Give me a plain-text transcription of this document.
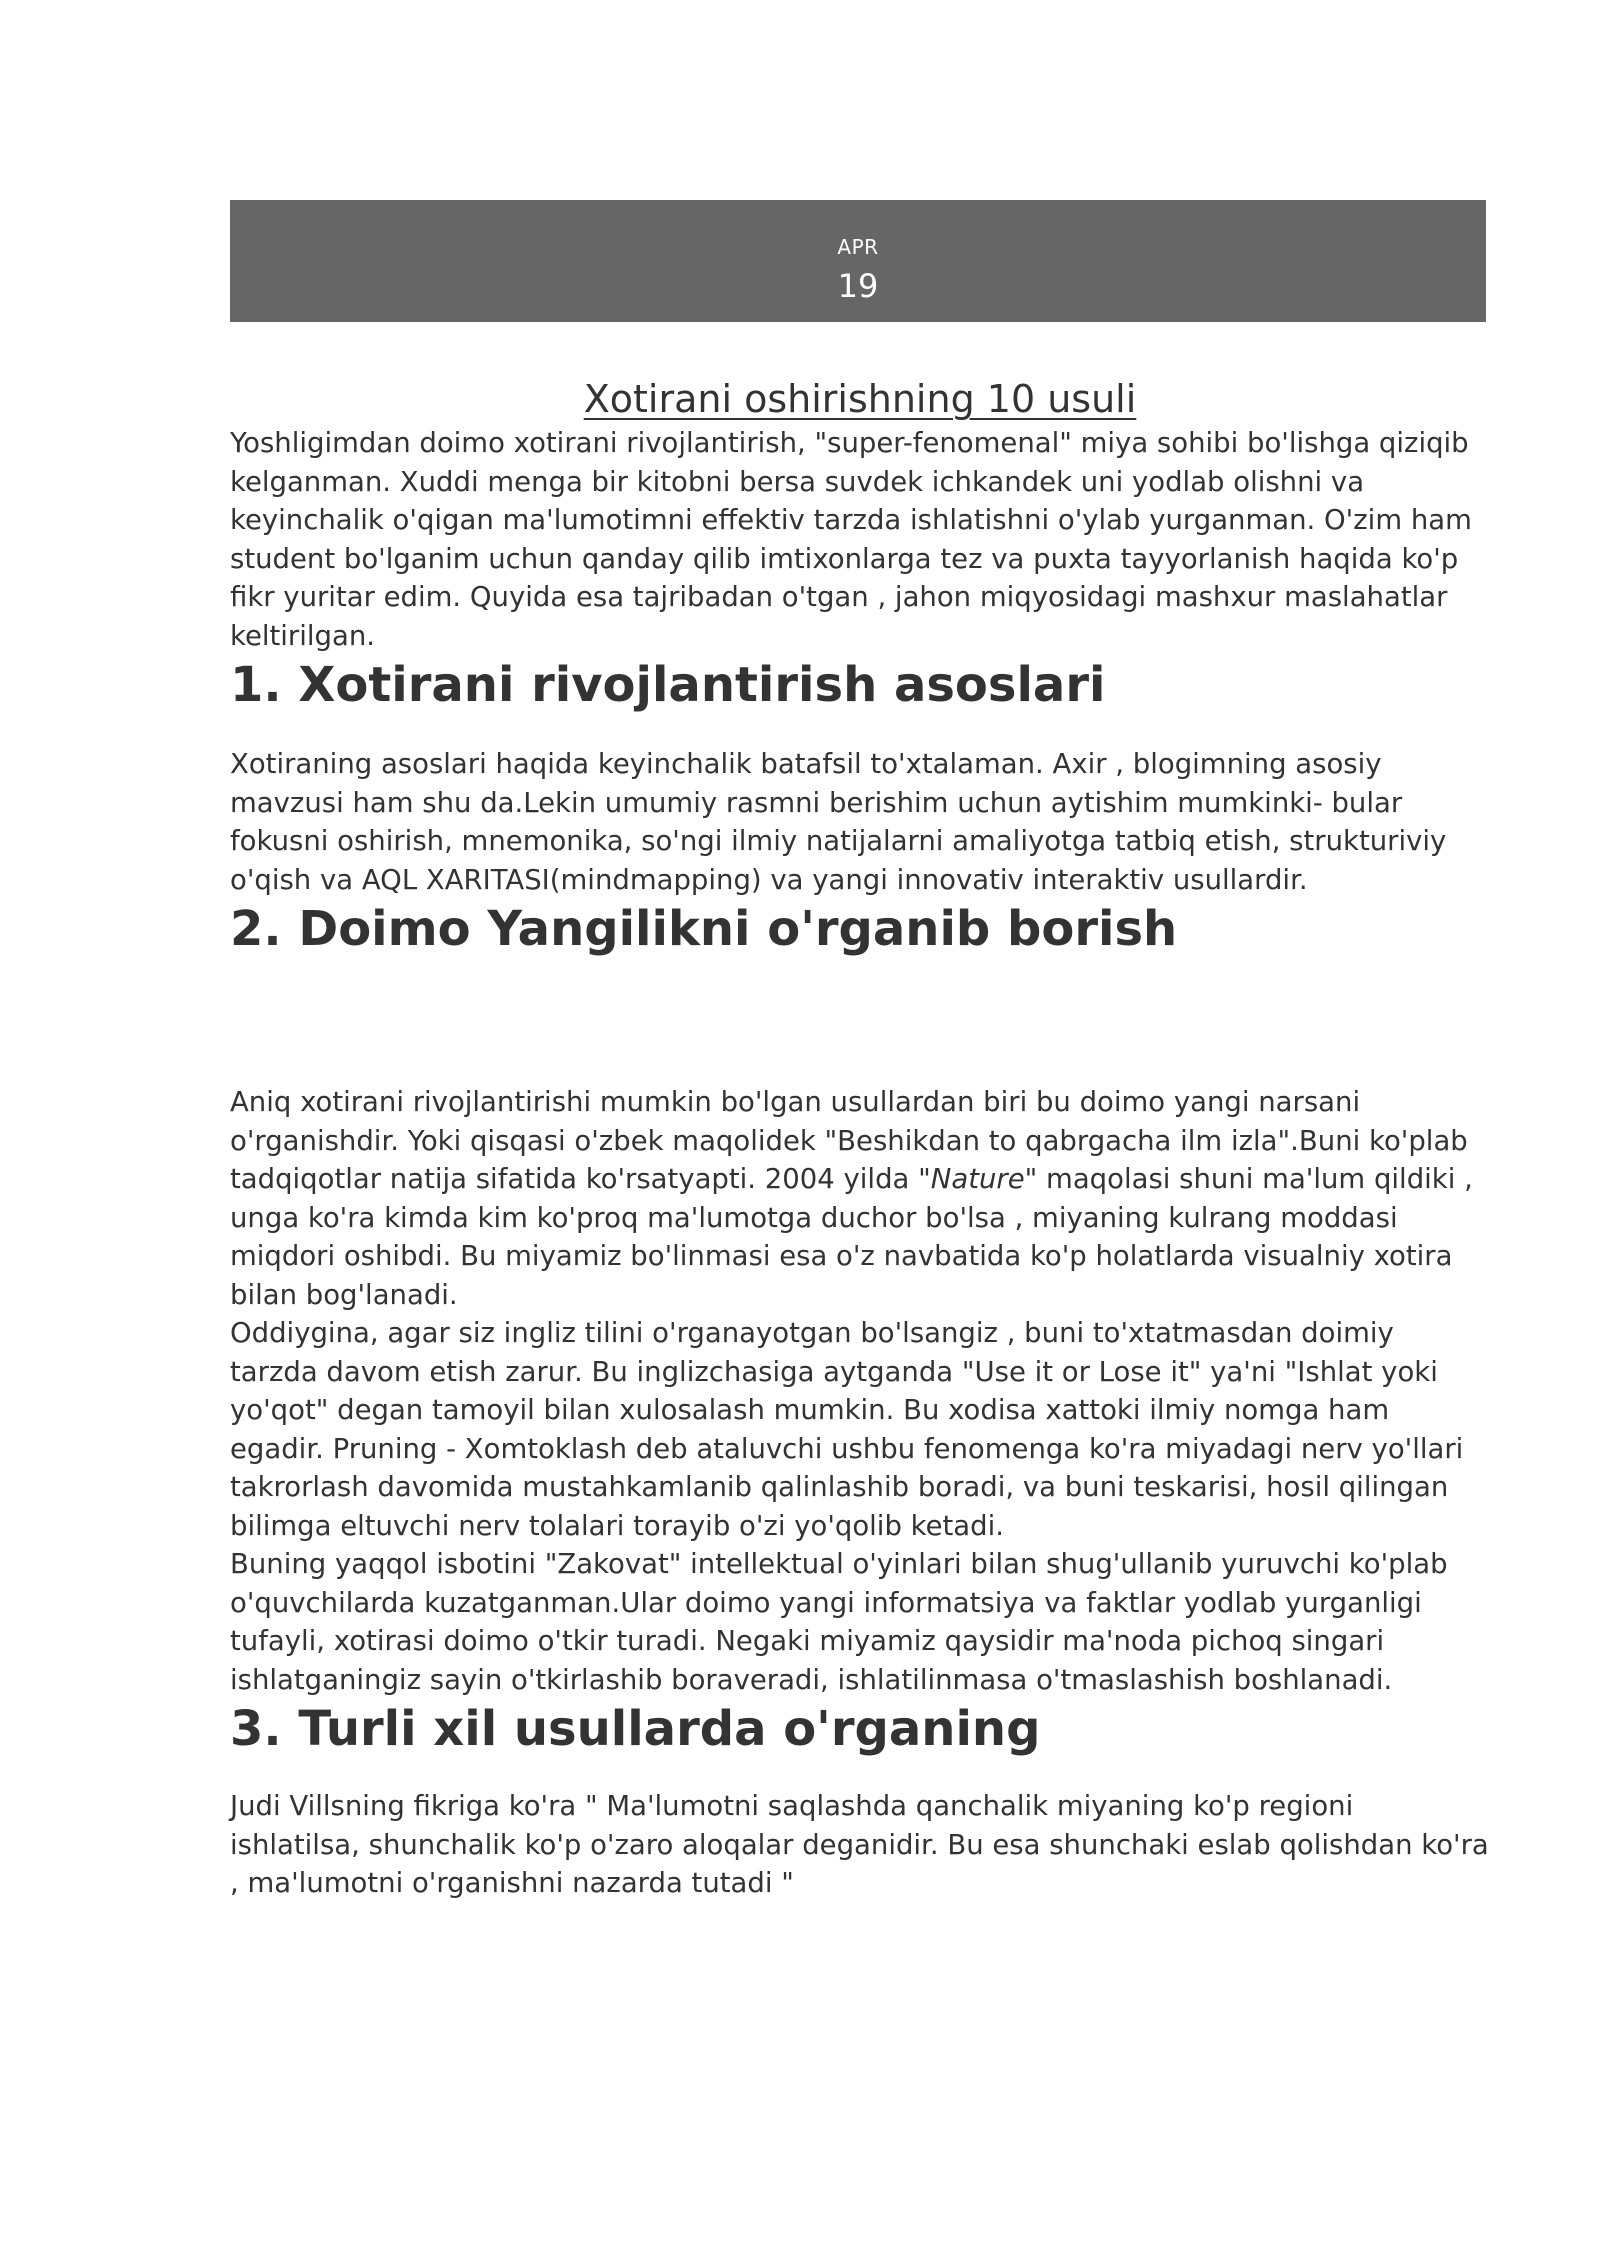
APR
19
Xotirani oshirishning 10 usuli

Yoshligimdan doimo xotirani rivojlantirish, "super-fenomenal" miya sohibi bo'lishga qiziqib kelganman. Xuddi menga bir kitobni bersa suvdek ichkandek uni yodlab olishni va keyinchalik o'qigan ma'lumotimni effektiv tarzda ishlatishni o'ylab yurganman. O'zim ham student bo'lganim uchun qanday qilib imtixonlarga tez va puxta tayyorlanish haqida ko'p fikr yuritar edim. Quyida esa tajribadan o'tgan , jahon miqyosidagi mashxur maslahatlar keltirilgan.

1. Xotirani rivojlantirish asoslari

Xotiraning asoslari haqida keyinchalik batafsil to'xtalaman. Axir , blogimning asosiy mavzusi ham shu da.Lekin umumiy rasmni berishim uchun aytishim mumkinki- bular fokusni oshirish, mnemonika, so'ngi ilmiy natijalarni amaliyotga tatbiq etish, strukturiviy o'qish va AQL XARITASI(mindmapping) va yangi innovativ interaktiv usullardir.

2. Doimo Yangilikni o'rganib borish

Aniq xotirani rivojlantirishi mumkin bo'lgan usullardan biri bu doimo yangi narsani o'rganishdir. Yoki qisqasi o'zbek maqolidek "Beshikdan to qabrgacha ilm izla".Buni ko'plab tadqiqotlar natija sifatida ko'rsatyapti. 2004 yilda "Nature" maqolasi shuni ma'lum qildiki , unga ko'ra kimda kim ko'proq ma'lumotga duchor bo'lsa , miyaning kulrang moddasi miqdori oshibdi. Bu miyamiz bo'linmasi esa o'z navbatida ko'p holatlarda visualniy xotira bilan bog'lanadi.

Oddiygina, agar siz ingliz tilini o'rganayotgan bo'lsangiz , buni to'xtatmasdan doimiy tarzda davom etish zarur. Bu inglizchasiga aytganda "Use it or Lose it" ya'ni "Ishlat yoki yo'qot" degan tamoyil bilan xulosalash mumkin. Bu xodisa xattoki ilmiy nomga ham egadir. Pruning - Xomtoklash deb ataluvchi ushbu fenomenga ko'ra miyadagi nerv yo'llari takrorlash davomida mustahkamlanib qalinlashib boradi, va buni teskarisi, hosil qilingan bilimga eltuvchi nerv tolalari torayib o'zi yo'qolib ketadi.

Buning yaqqol isbotini "Zakovat" intellektual o'yinlari bilan shug'ullanib yuruvchi ko'plab o'quvchilarda kuzatganman.Ular doimo yangi informatsiya va faktlar yodlab yurganligi tufayli, xotirasi doimo o'tkir turadi. Negaki miyamiz qaysidir ma'noda pichoq singari ishlatganingiz sayin o'tkirlashib boraveradi, ishlatilinmasa o'tmaslashish boshlanadi.

3. Turli xil usullarda o'rganing

Judi Villsning fikriga ko'ra " Ma'lumotni saqlashda qanchalik miyaning ko'p regioni ishlatilsa, shunchalik ko'p o'zaro aloqalar deganidir. Bu esa shunchaki eslab qolishdan ko'ra , ma'lumotni o'rganishni nazarda tutadi "
